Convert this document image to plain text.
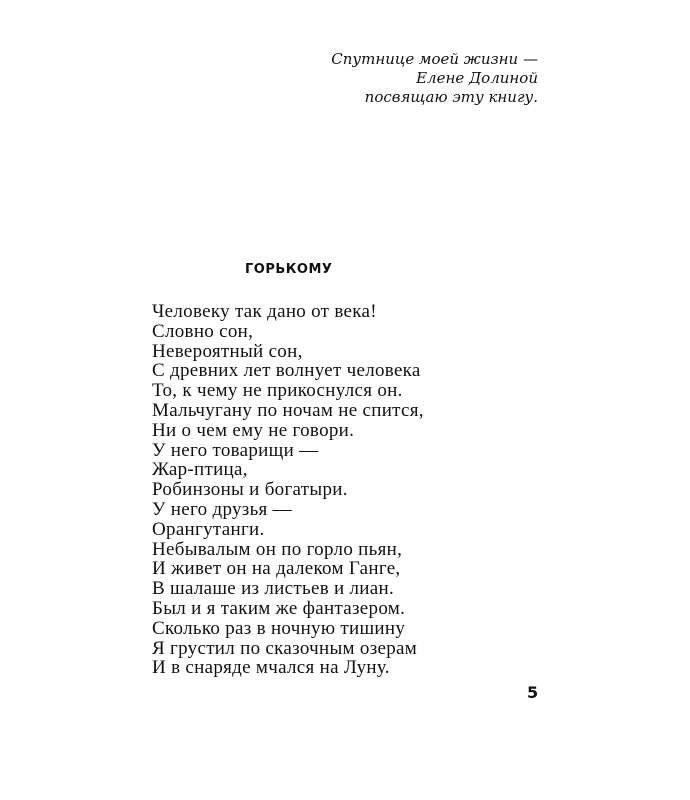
Спутнице моей жизни —
Елене Долиной
посвящаю эту книгу.
ГОРЬКОМУ
Человеку так дано от века!
Словно сон,
Невероятный сон,
С древних лет волнует человека
То, к чему не прикоснулся он.
Мальчугану по ночам не спится,
Ни о чем ему не говори.
У него товарищи —
Жар-птица,
Робинзоны и богатыри.
У него друзья —
Орангутанги.
Небывалым он по горло пьян,
И живет он на далеком Ганге,
В шалаше из листьев и лиан.
Был и я таким же фантазером.
Сколько раз в ночную тишину
Я грустил по сказочным озерам
И в снаряде мчался на Луну.
5
